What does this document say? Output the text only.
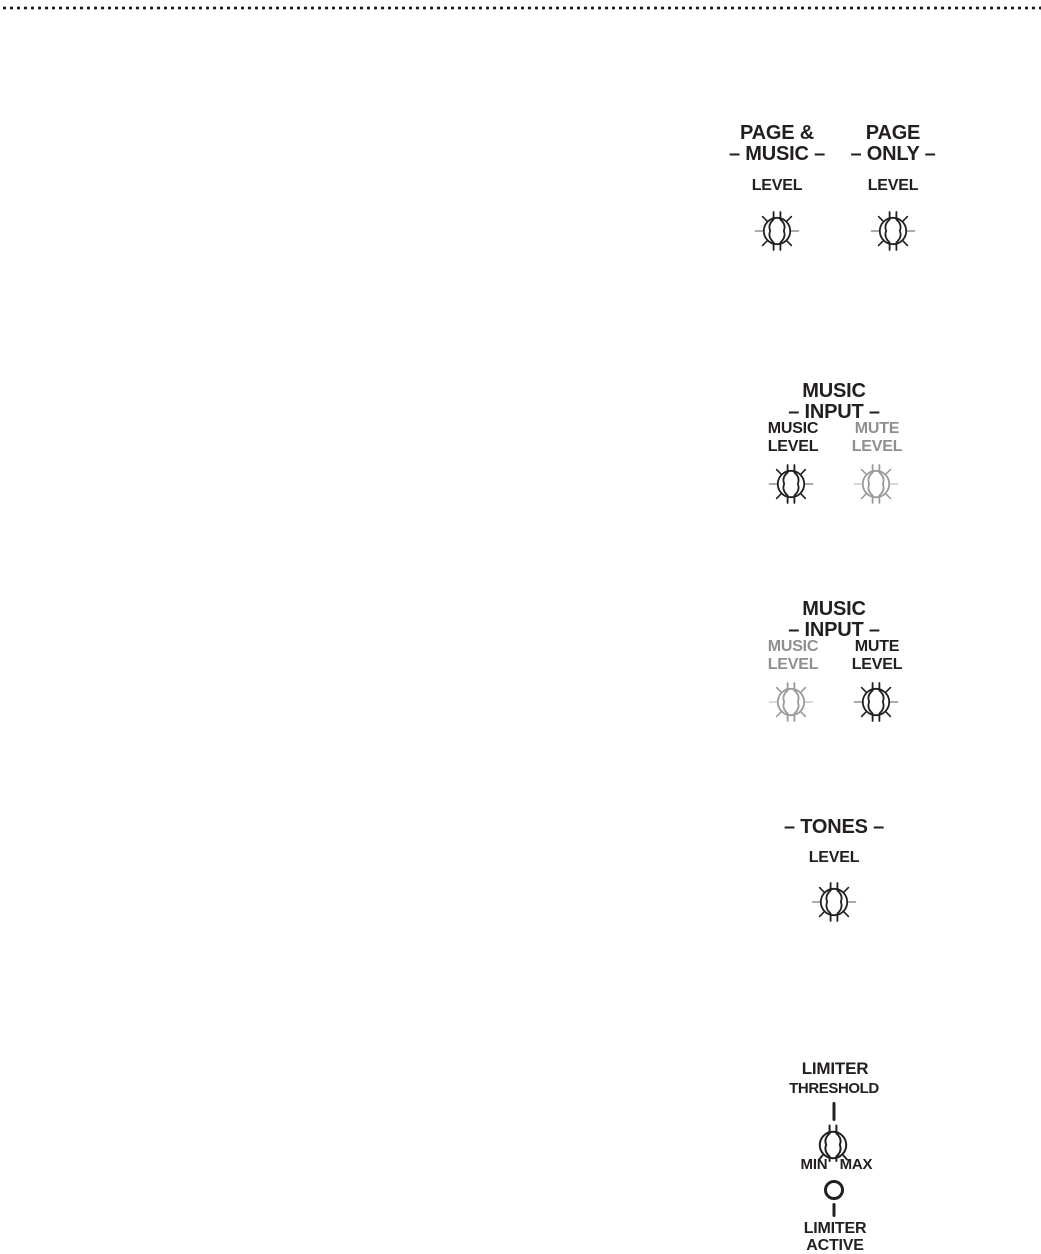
PAGE &
– MUSIC –
PAGE
– ONLY –
LEVEL	LEVEL
MUSIC
– INPUT –
MUSIC
LEVEL
MUTE
LEVEL
MUSIC
– INPUT –
MUSIC
LEVEL
MUTE
LEVEL
– TONES –
LEVEL
LIMITER
THRESHOLD
MIN MAX
LIMITER
ACTIVE
